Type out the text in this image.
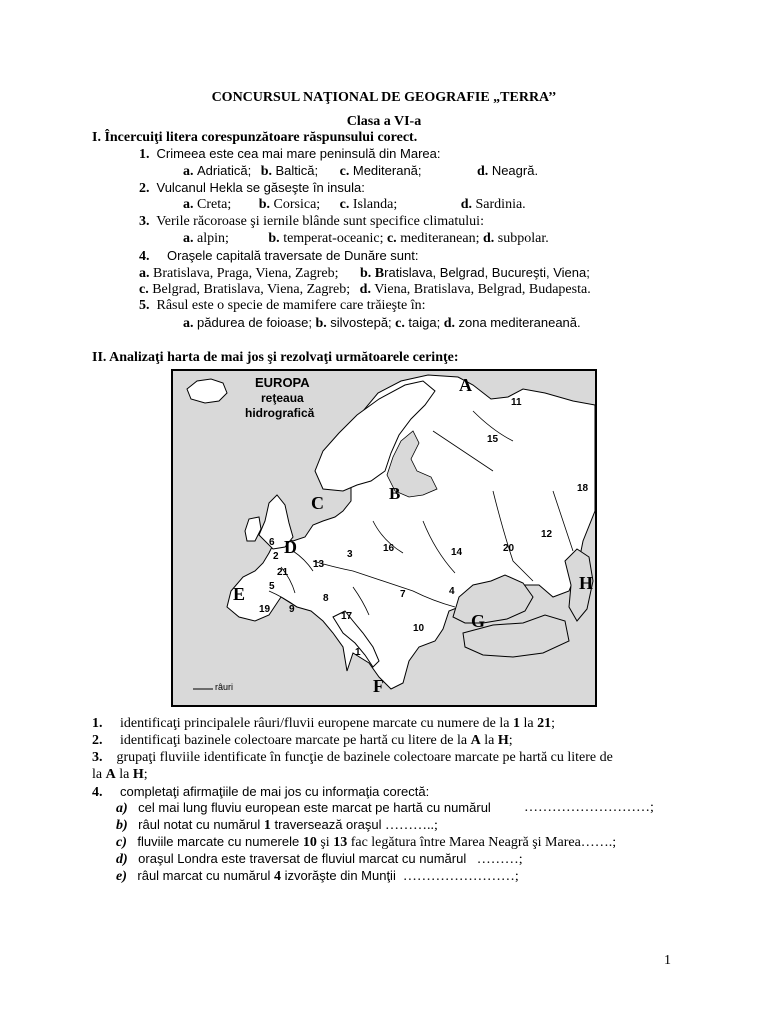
CONCURSUL NAŢIONAL DE GEOGRAFIE „TERRA’’
Clasa a VI-a
I. Încercuiţi litera corespunzătoare răspunsului corect.
1. Crimeea este cea mai mare peninsulă din Marea:
a. Adriatică; b. Baltică; c. Mediterană;	d. Neagră.
2. Vulcanul Hekla se găseşte în insula:
a. Creta; b. Corsica; c. Islanda;	d. Sardinia.
3. Verile răcoroase şi iernile blânde sunt specifice climatului:
a. alpin;	b. temperat-oceanic; c. mediteranean; d. subpolar.
4. Oraşele capitală traversate de Dunăre sunt:
a. Bratislava, Praga, Viena, Zagreb; b. Bratislava, Belgrad, Bucureşti, Viena;
c. Belgrad, Bratislava, Viena, Zagreb; d. Viena, Bratislava, Belgrad, Budapesta.
5. Râsul este o specie de mamifere care trăieşte în:
a. pădurea de foioase; b. silvostepă; c. taiga; d. zona mediteraneană.
II. Analizaţi harta de mai jos şi rezolvaţi următoarele cerinţe:
EUROPA
reţeaua
hidrografică
râuri
A
B
C
D
E
F
G
H
11
15
18
12
20
14
16
3
6
2
13
21
5	4
7
10
19 9
8
17
1
1. identificaţi principalele râuri/fluvii europene marcate cu numere de la 1 la 21;
2. identificaţi bazinele colectoare marcate pe hartă cu litere de la A la H;
3. grupaţi fluviile identificate în funcţie de bazinele colectoare marcate pe hartă cu litere de
la A la H;
4. completaţi afirmaţiile de mai jos cu informaţia corectă:
a) cel mai lung fluviu european este marcat pe hartă cu numărul ………………………;
b) râul notat cu numărul 1 traversează oraşul ………..;
c) fluviile marcate cu numerele 10 şi 13 fac legătura între Marea Neagră şi Marea…….;
d) oraşul Londra este traversat de fluviul marcat cu numărul ………;
e) râul marcat cu numărul 4 izvorăşte din Munţii ……………………;
1
